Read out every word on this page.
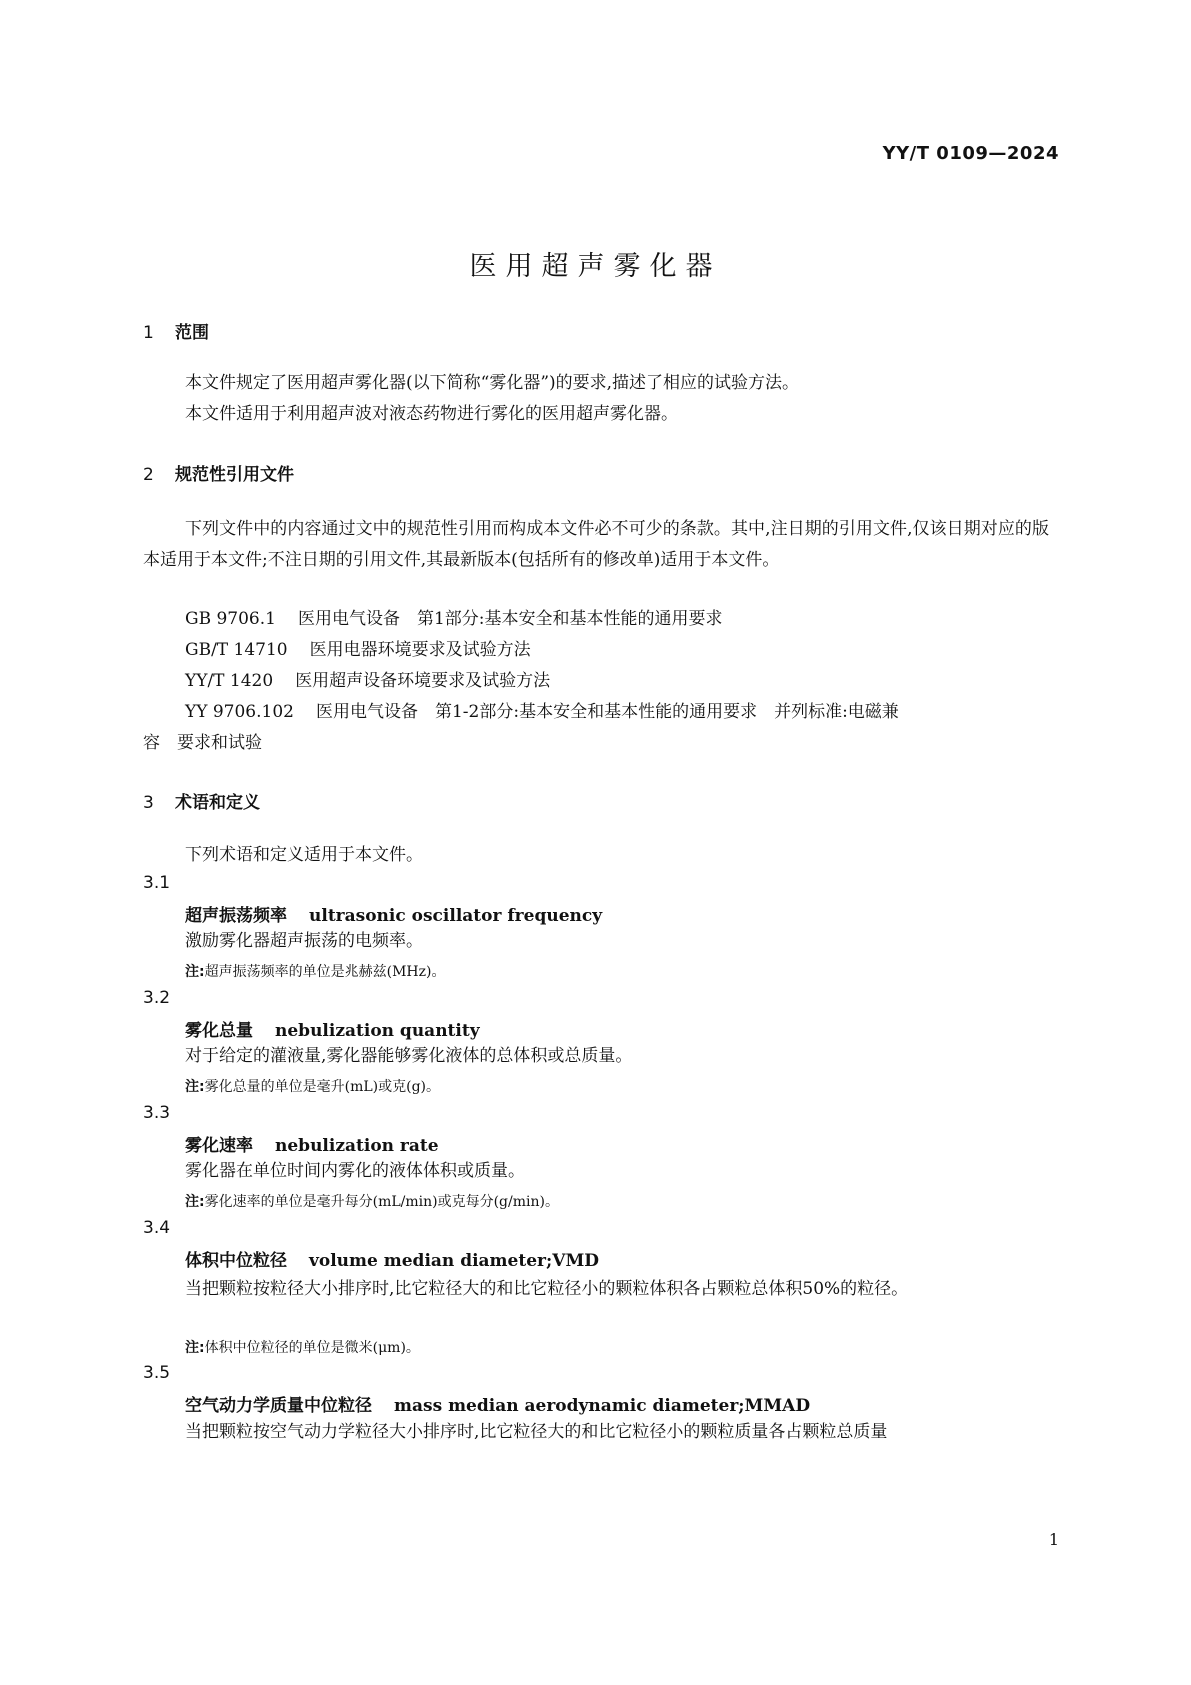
YY/T 0109—2024
医用超声雾化器
1 范围
本文件规定了医用超声雾化器(以下简称“雾化器”)的要求,描述了相应的试验方法。
本文件适用于利用超声波对液态药物进行雾化的医用超声雾化器。
2 规范性引用文件
下列文件中的内容通过文中的规范性引用而构成本文件必不可少的条款。其中,注日期的引用文件,仅该日期对应的版本适用于本文件;不注日期的引用文件,其最新版本(包括所有的修改单)适用于本文件。
GB 9706.1 医用电气设备　第1部分:基本安全和基本性能的通用要求
GB/T 14710 医用电器环境要求及试验方法
YY/T 1420 医用超声设备环境要求及试验方法
YY 9706.102 医用电气设备　第1-2部分:基本安全和基本性能的通用要求　并列标准:电磁兼
容　要求和试验
3 术语和定义
下列术语和定义适用于本文件。
3.1
超声振荡频率 ultrasonic oscillator frequency
激励雾化器超声振荡的电频率。
注:超声振荡频率的单位是兆赫兹(MHz)。
3.2
雾化总量 nebulization quantity
对于给定的灌液量,雾化器能够雾化液体的总体积或总质量。
注:雾化总量的单位是毫升(mL)或克(g)。
3.3
雾化速率 nebulization rate
雾化器在单位时间内雾化的液体体积或质量。
注:雾化速率的单位是毫升每分(mL/min)或克每分(g/min)。
3.4
体积中位粒径 volume median diameter;VMD
当把颗粒按粒径大小排序时,比它粒径大的和比它粒径小的颗粒体积各占颗粒总体积50%的粒径。
注:体积中位粒径的单位是微米(μm)。
3.5
空气动力学质量中位粒径 mass median aerodynamic diameter;MMAD
当把颗粒按空气动力学粒径大小排序时,比它粒径大的和比它粒径小的颗粒质量各占颗粒总质量
1
